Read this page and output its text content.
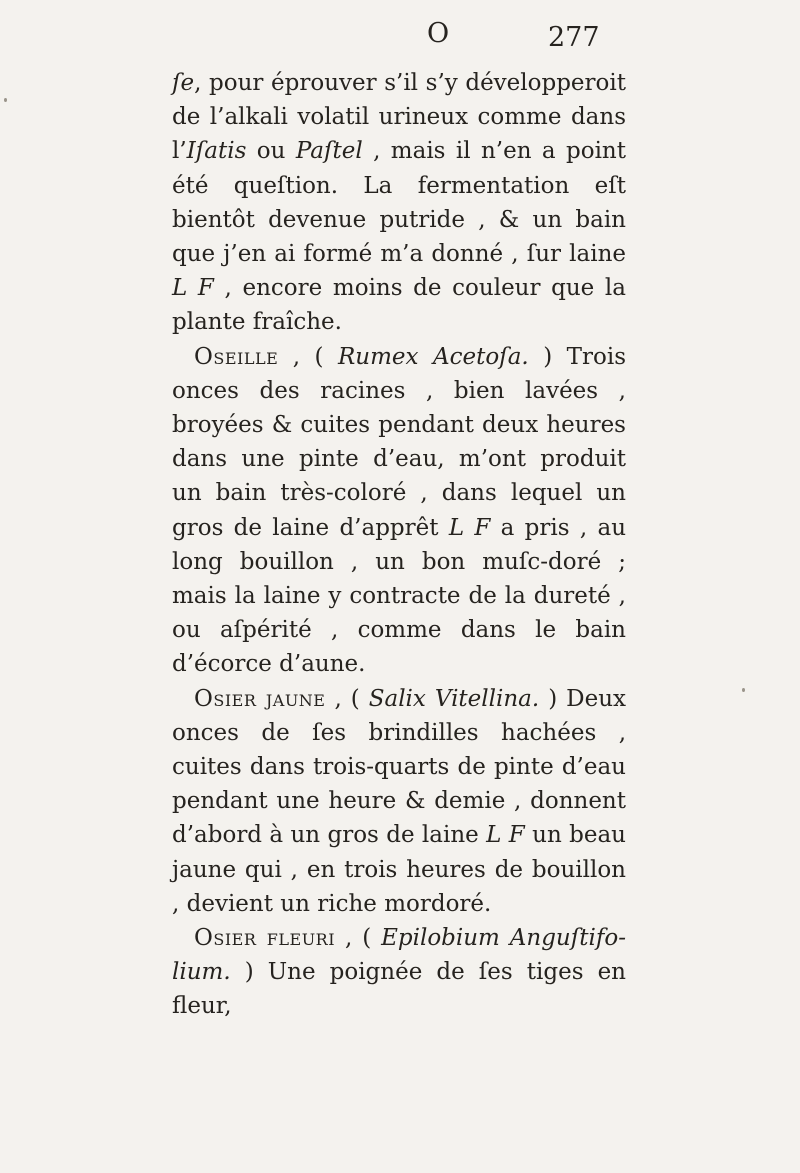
O	277

ſe, pour éprouver s’il s’y développeroit de l’alkali volatil urineux comme dans l’Iſatis ou Paſtel , mais il n’en a point été queſtion. La fermentation eſt bientôt devenue putride , & un bain que j’en ai formé m’a donné , ſur laine L F , encore moins de couleur que la plante fraîche.

Oseille , ( Rumex Acetoſa. ) Trois onces des racines , bien lavées , broyées & cuites pendant deux heures dans une pinte d’eau, m’ont produit un bain très-coloré , dans lequel un gros de laine d’apprêt L F a pris , au long bouillon , un bon muſc-doré ; mais la laine y contracte de la dureté , ou aſpérité , comme dans le bain d’écorce d’aune.

Osier jaune , ( Salix Vitellina. ) Deux onces de ſes brindilles hachées , cuites dans trois-quarts de pinte d’eau pendant une heure & demie , donnent d’abord à un gros de laine L F un beau jaune qui , en trois heures de bouillon , devient un riche mordoré.

Osier fleuri , ( Epilobium Anguſtifolium. ) Une poignée de ſes tiges en fleur,
